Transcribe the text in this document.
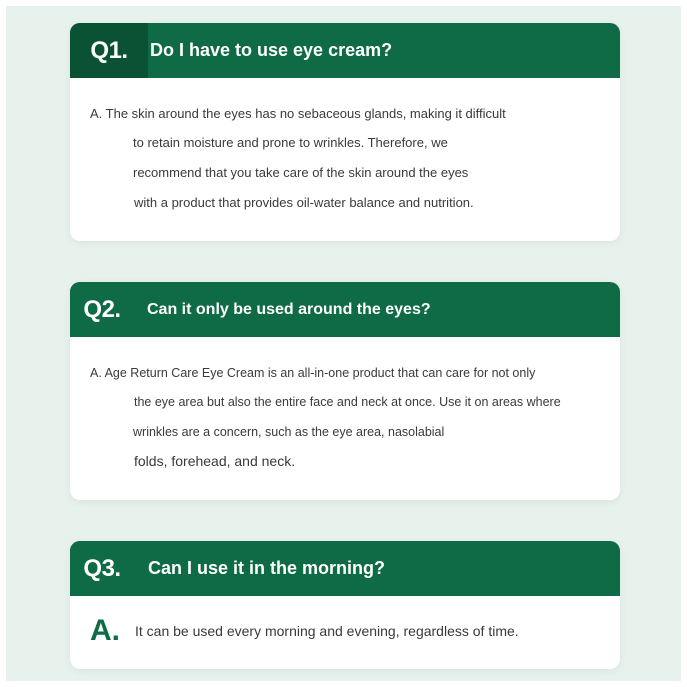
Q1.	Do I have to use eye cream?
A. The skin around the eyes has no sebaceous glands, making it difficult
to retain moisture and prone to wrinkles. Therefore, we
recommend that you take care of the skin around the eyes
with a product that provides oil-water balance and nutrition.
Q2.	Can it only be used around the eyes?
A. Age Return Care Eye Cream is an all-in-one product that can care for not only
the eye area but also the entire face and neck at once. Use it on areas where
wrinkles are a concern, such as the eye area, nasolabial
folds, forehead, and neck.
Q3.	Can I use it in the morning?
A. It can be used every morning and evening, regardless of time.
